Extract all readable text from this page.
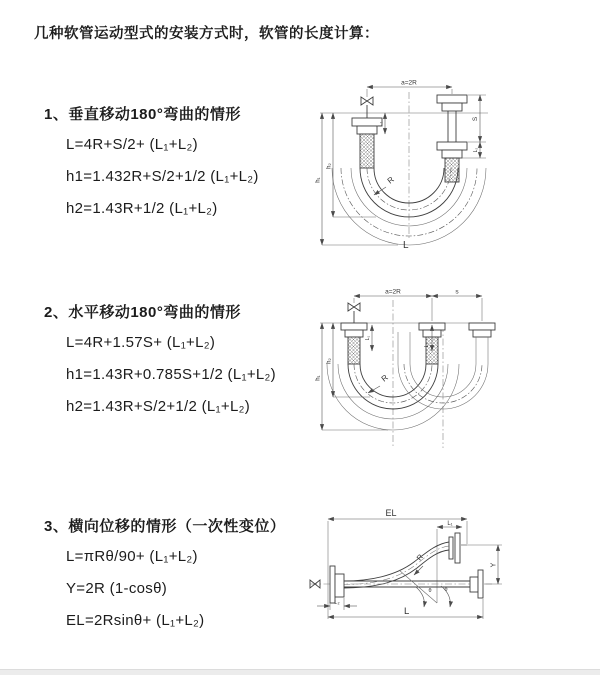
几种软管运动型式的安装方式时，软管的长度计算：
1、垂直移动180°弯曲的情形
L=4R+S/2+ (L₁+L₂)
h1=1.432R+S/2+1/2 (L₁+L₂)
h2=1.43R+1/2 (L₁+L₂)
2、水平移动180°弯曲的情形
L=4R+1.57S+ (L₁+L₂)
h1=1.43R+0.785S+1/2 (L₁+L₂)
h2=1.43R+S/2+1/2 (L₁+L₂)
3、横向位移的情形（一次性变位）
L=πRθ/90+ (L₁+L₂)
Y=2R (1-cosθ)
EL=2Rsinθ+ (L₁+L₂)
a=2R
h₁
h₂
L₁
S
L₂
R
L
a=2R	s
h₁
h₂
L₁
L₂
R
EL
L₁
Y
L
L₂
θ θ
R
